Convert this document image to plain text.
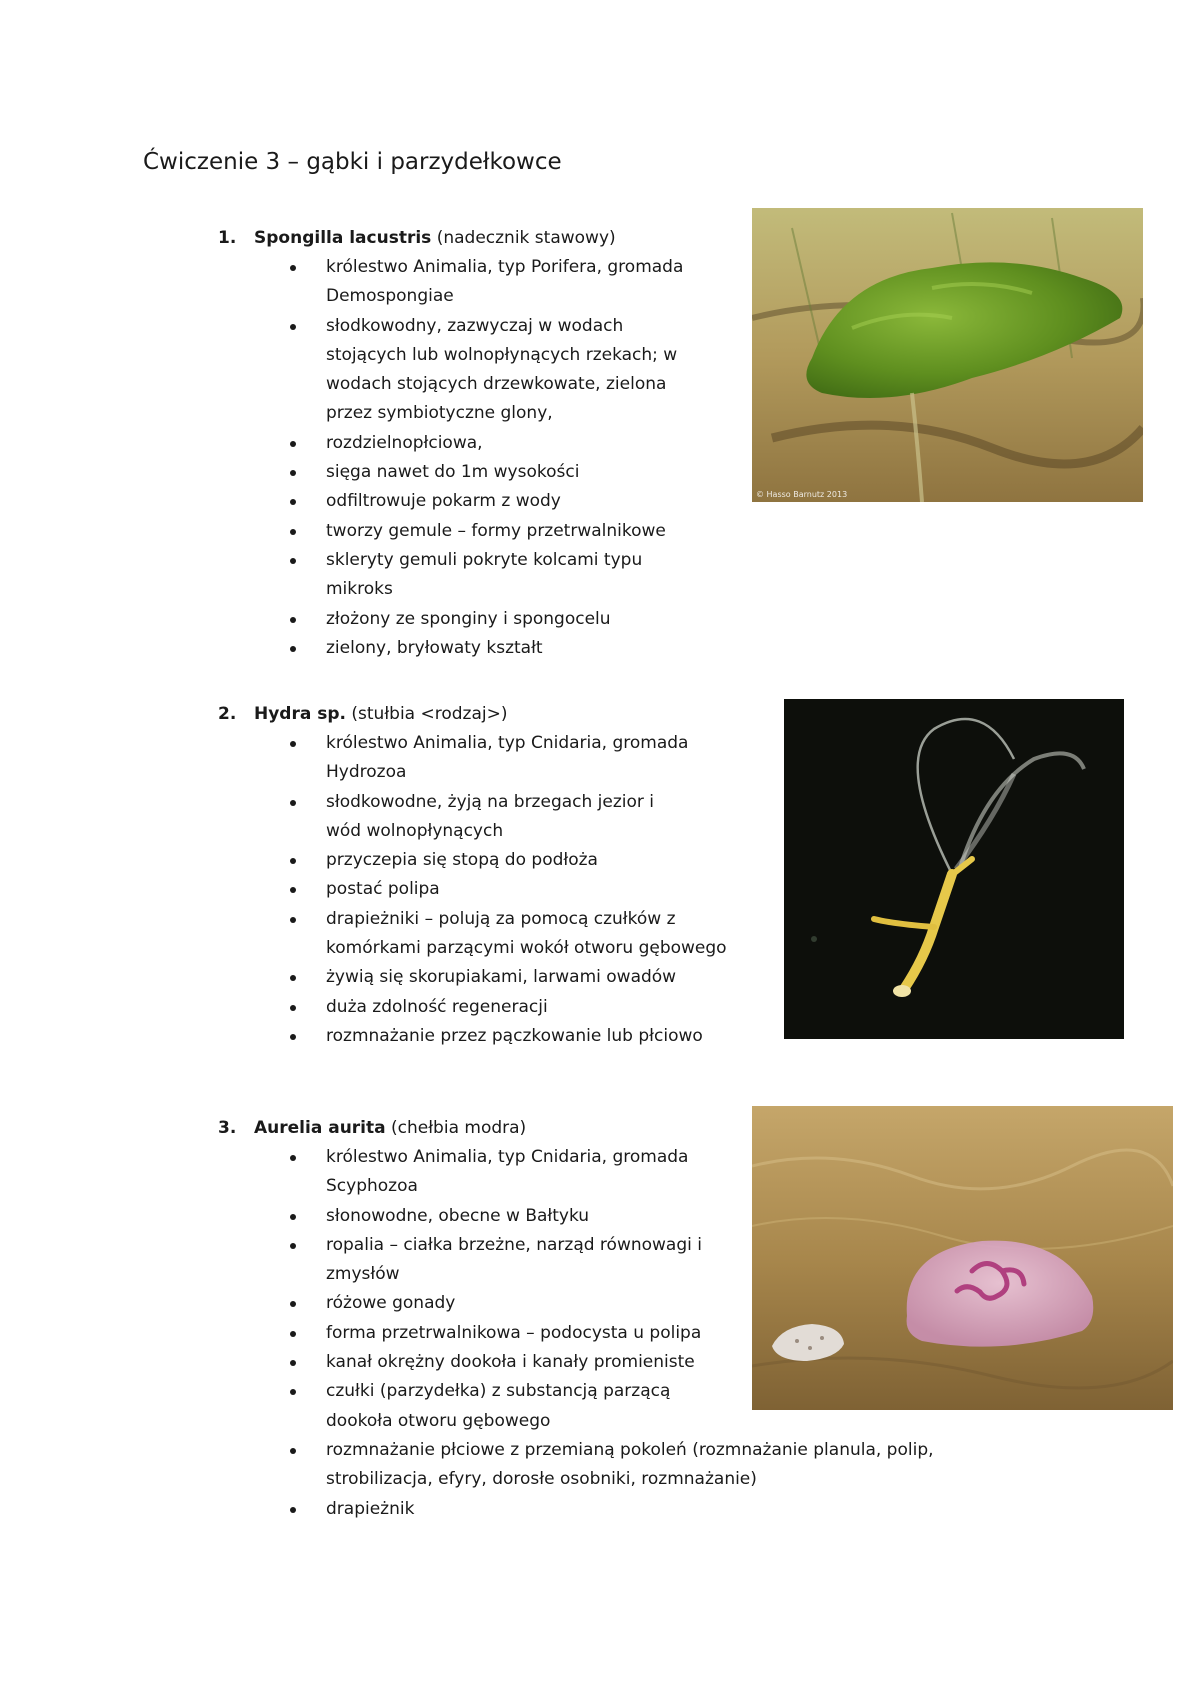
Ćwiczenie 3 – gąbki i parzydełkowce

1. Spongilla lacustris (nadecznik stawowy)

królestwo Animalia, typ Porifera, gromada Demospongiae
słodkowodny, zazwyczaj w wodach stojących lub wolnopłynących rzekach; w wodach stojących drzewkowate, zielona przez symbiotyczne glony,
rozdzielnopłciowa,
sięga nawet do 1m wysokości
odfiltrowuje pokarm z wody
tworzy gemule – formy przetrwalnikowe
skleryty gemuli pokryte kolcami typu mikroks
złożony ze sponginy i spongocelu
zielony, bryłowaty kształt
© Hasso Barnutz 2013

2. Hydra sp. (stułbia <rodzaj>)

królestwo Animalia, typ Cnidaria, gromada Hydrozoa
słodkowodne, żyją na brzegach jezior i wód wolnopłynących
przyczepia się stopą do podłoża
postać polipa
drapieżniki – polują za pomocą czułków z komórkami parzącymi wokół otworu gębowego
żywią się skorupiakami, larwami owadów
duża zdolność regeneracji
rozmnażanie przez pączkowanie lub płciowo

3. Aurelia aurita (chełbia modra)

królestwo Animalia, typ Cnidaria, gromada Scyphozoa
słonowodne, obecne w Bałtyku
ropalia – ciałka brzeżne, narząd równowagi i zmysłów
różowe gonady
forma przetrwalnikowa – podocysta u polipa
kanał okrężny dookoła i kanały promieniste
czułki (parzydełka) z substancją parzącą dookoła otworu gębowego
rozmnażanie płciowe z przemianą pokoleń (rozmnażanie planula, polip, strobilizacja, efyry, dorosłe osobniki, rozmnażanie)
drapieżnik
